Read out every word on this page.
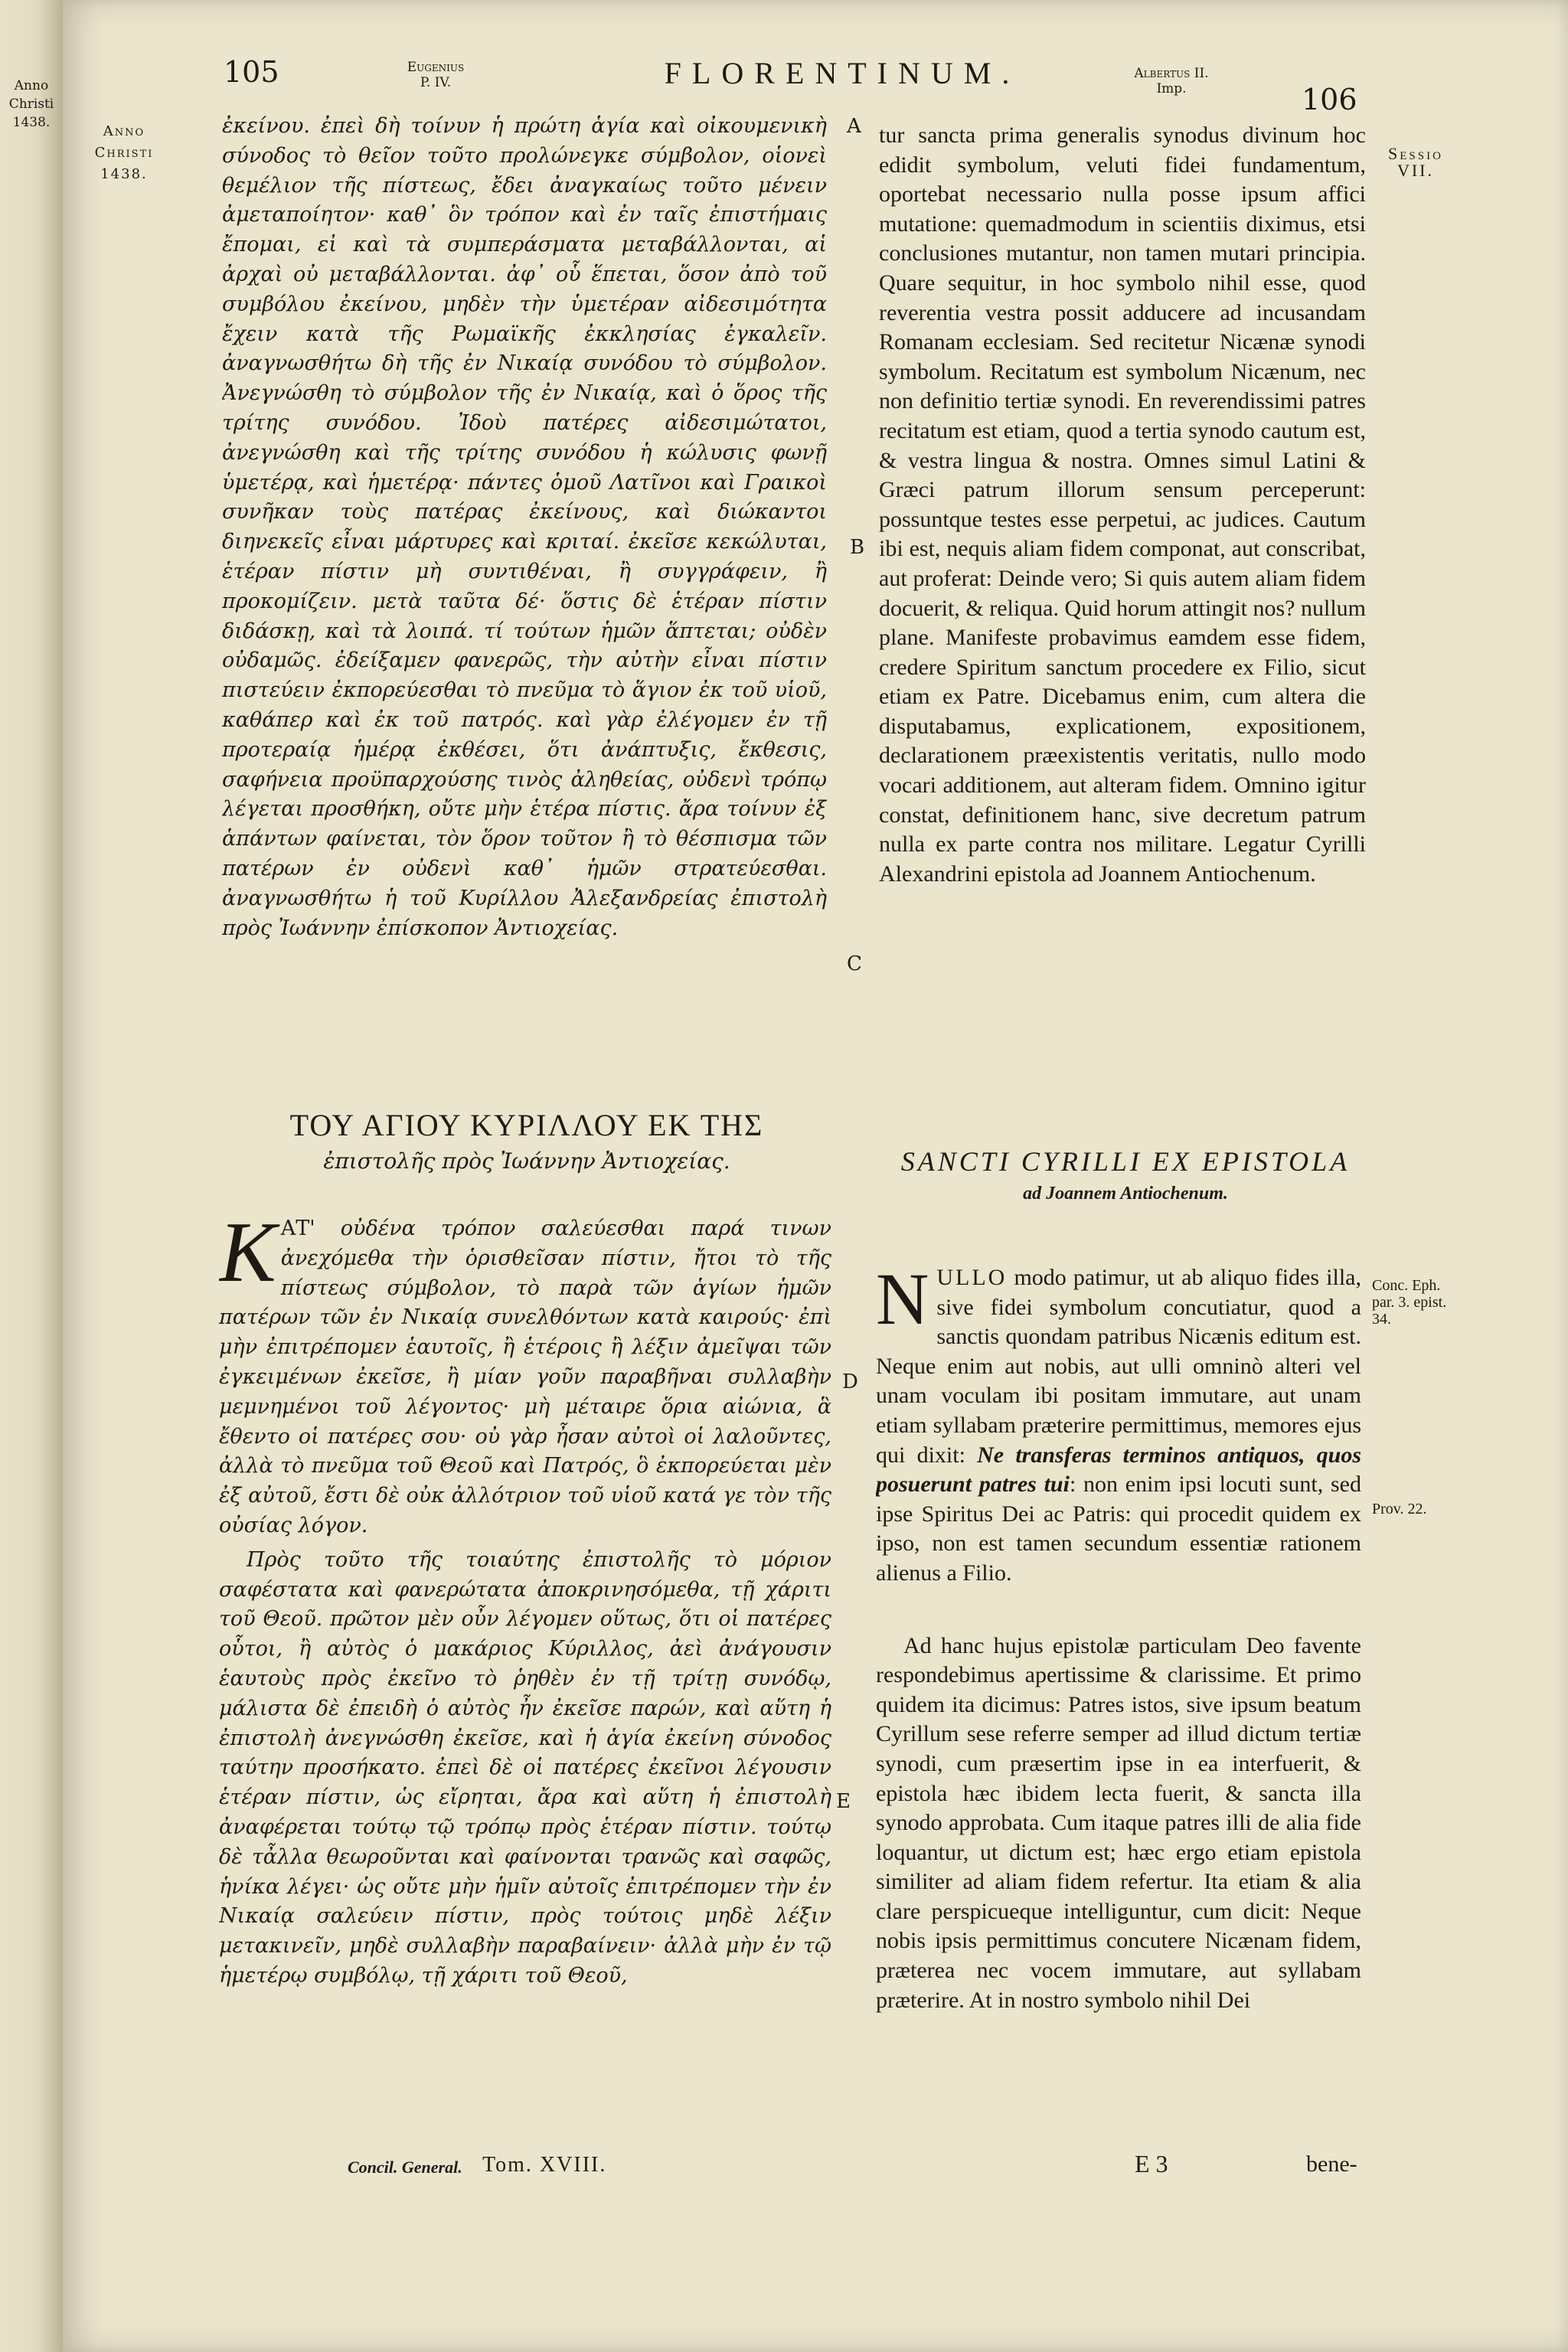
Anno
Christi
1438.
105	Eugenius
P. IV.	FLORENTINUM.	Albertus II.
Imp.	106
Anno
Christi
1438.
A
B
C
D
E
Sessio
VII.
Conc. Eph.
par. 3. epist.
34.
Prov. 22.

ἐκείνου. ἐπεὶ δὴ τοίνυν ἡ πρώτη ἁγία καὶ οἰκουμενικὴ σύνοδος τὸ θεῖον τοῦτο προλώνεγκε σύμβολον, οἱονεὶ θεμέλιον τῆς πίστεως, ἔδει ἀναγκαίως τοῦτο μένειν ἀμεταποίητον· καθ᾽ ὃν τρόπον καὶ ἐν ταῖς ἐπιστήμαις ἔπομαι, εἰ καὶ τὰ συμπεράσματα μεταβάλλονται, αἱ ἀρχαὶ οὐ μεταβάλλονται. ἀφ᾽ οὗ ἕπεται, ὅσον ἀπὸ τοῦ συμβόλου ἐκείνου, μηδὲν τὴν ὑμετέραν αἰδεσιμότητα ἔχειν κατὰ τῆς Ρωμαϊκῆς ἐκκλησίας ἐγκαλεῖν. ἀναγνωσθήτω δὴ τῆς ἐν Νικαίᾳ συνόδου τὸ σύμβολον. Ἀνεγνώσθη τὸ σύμβολον τῆς ἐν Νικαίᾳ, καὶ ὁ ὅρος τῆς τρίτης συνόδου. Ἰδοὺ πατέρες αἰδεσιμώτατοι, ἀνεγνώσθη καὶ τῆς τρίτης συνόδου ἡ κώλυσις φωνῇ ὑμετέρᾳ, καὶ ἡμετέρᾳ· πάντες ὁμοῦ Λατῖνοι καὶ Γραικοὶ συνῆκαν τοὺς πατέρας ἐκείνους, καὶ διώκαντοι διηνεκεῖς εἶναι μάρτυρες καὶ κριταί. ἐκεῖσε κεκώλυται, ἑτέραν πίστιν μὴ συντιθέναι, ἢ συγγράφειν, ἢ προκομίζειν. μετὰ ταῦτα δέ· ὅστις δὲ ἑτέραν πίστιν διδάσκῃ, καὶ τὰ λοιπά. τί τούτων ἡμῶν ἅπτεται; οὐδὲν οὐδαμῶς. ἐδείξαμεν φανερῶς, τὴν αὐτὴν εἶναι πίστιν πιστεύειν ἐκπορεύεσθαι τὸ πνεῦμα τὸ ἅγιον ἐκ τοῦ υἱοῦ, καθάπερ καὶ ἐκ τοῦ πατρός. καὶ γὰρ ἐλέγομεν ἐν τῇ προτεραίᾳ ἡμέρᾳ ἐκθέσει, ὅτι ἀνάπτυξις, ἔκθεσις, σαφήνεια προϋπαρχούσης τινὸς ἀληθείας, οὐδενὶ τρόπῳ λέγεται προσθήκη, οὔτε μὴν ἑτέρα πίστις. ἄρα τοίνυν ἐξ ἁπάντων φαίνεται, τὸν ὅρον τοῦτον ἢ τὸ θέσπισμα τῶν πατέρων ἐν οὐδενὶ καθ᾽ ἡμῶν στρατεύεσθαι. ἀναγνωσθήτω ἡ τοῦ Κυρίλλου Ἀλεξανδρείας ἐπιστολὴ πρὸς Ἰωάννην ἐπίσκοπον Ἀντιοχείας.

tur sancta prima generalis synodus divinum hoc edidit symbolum, veluti fidei fundamentum, oportebat necessario nulla posse ipsum affici mutatione: quemadmodum in scientiis diximus, etsi conclusiones mutantur, non tamen mutari principia. Quare sequitur, in hoc symbolo nihil esse, quod reverentia vestra possit adducere ad incusandam Romanam ecclesiam. Sed recitetur Nicænæ synodi symbolum. Recitatum est symbolum Nicænum, nec non definitio tertiæ synodi. En reverendissimi patres recitatum est etiam, quod a tertia synodo cautum est, & vestra lingua & nostra. Omnes simul Latini & Græci patrum illorum sensum perceperunt: possuntque testes esse perpetui, ac judices. Cautum ibi est, nequis aliam fidem componat, aut conscribat, aut proferat: Deinde vero; Si quis autem aliam fidem docuerit, & reliqua. Quid horum attingit nos? nullum plane. Manifeste probavimus eamdem esse fidem, credere Spiritum sanctum procedere ex Filio, sicut etiam ex Patre. Dicebamus enim, cum altera die disputabamus, explicationem, expositionem, declarationem præexistentis veritatis, nullo modo vocari additionem, aut alteram fidem. Omnino igitur constat, definitionem hanc, sive decretum patrum nulla ex parte contra nos militare. Legatur Cyrilli Alexandrini epistola ad Joannem Antiochenum.

ΤΟΥ ΑΓΙΟΥ ΚΥΡΙΛΛΟΥ ΕΚ ΤΗΣ
ἐπιστολῆς πρὸς Ἰωάννην Ἀντιοχείας.	SANCTI CYRILLI EX EPISTOLA
ad Joannem Antiochenum.

ΚΑΤ' οὐδένα τρόπον σαλεύεσθαι παρά τινων ἀνεχόμεθα τὴν ὁρισθεῖσαν πίστιν, ἤτοι τὸ τῆς πίστεως σύμβολον, τὸ παρὰ τῶν ἁγίων ἡμῶν πατέρων τῶν ἐν Νικαίᾳ συνελθόντων κατὰ καιρούς· ἐπὶ μὴν ἐπιτρέπομεν ἑαυτοῖς, ἢ ἑτέροις ἢ λέξιν ἀμεῖψαι τῶν ἐγκειμένων ἐκεῖσε, ἢ μίαν γοῦν παραβῆναι συλλαβὴν μεμνημένοι τοῦ λέγοντος· μὴ μέταιρε ὅρια αἰώνια, ἃ ἔθεντο οἱ πατέρες σου· οὐ γὰρ ἦσαν αὐτοὶ οἱ λαλοῦντες, ἀλλὰ τὸ πνεῦμα τοῦ Θεοῦ καὶ Πατρός, ὃ ἐκπορεύεται μὲν ἐξ αὐτοῦ, ἔστι δὲ οὐκ ἀλλότριον τοῦ υἱοῦ κατά γε τὸν τῆς οὐσίας λόγον.

Πρὸς τοῦτο τῆς τοιαύτης ἐπιστολῆς τὸ μόριον σαφέστατα καὶ φανερώτατα ἀποκρινησόμεθα, τῇ χάριτι τοῦ Θεοῦ. πρῶτον μὲν οὖν λέγομεν οὕτως, ὅτι οἱ πατέρες οὗτοι, ἢ αὐτὸς ὁ μακάριος Κύριλλος, ἀεὶ ἀνάγουσιν ἑαυτοὺς πρὸς ἐκεῖνο τὸ ῥηθὲν ἐν τῇ τρίτῃ συνόδῳ, μάλιστα δὲ ἐπειδὴ ὁ αὐτὸς ἦν ἐκεῖσε παρών, καὶ αὕτη ἡ ἐπιστολὴ ἀνεγνώσθη ἐκεῖσε, καὶ ἡ ἁγία ἐκείνη σύνοδος ταύτην προσήκατο. ἐπεὶ δὲ οἱ πατέρες ἐκεῖνοι λέγουσιν ἑτέραν πίστιν, ὡς εἴρηται, ἄρα καὶ αὕτη ἡ ἐπιστολὴ ἀναφέρεται τούτῳ τῷ τρόπῳ πρὸς ἑτέραν πίστιν. τούτῳ δὲ τἆλλα θεωροῦνται καὶ φαίνονται τρανῶς καὶ σαφῶς, ἡνίκα λέγει· ὡς οὔτε μὴν ἡμῖν αὐτοῖς ἐπιτρέπομεν τὴν ἐν Νικαίᾳ σαλεύειν πίστιν, πρὸς τούτοις μηδὲ λέξιν μετακινεῖν, μηδὲ συλλαβὴν παραβαίνειν· ἀλλὰ μὴν ἐν τῷ ἡμετέρῳ συμβόλῳ, τῇ χάριτι τοῦ Θεοῦ,

NULLO modo patimur, ut ab aliquo fides illa, sive fidei symbolum concutiatur, quod a sanctis quondam patribus Nicænis editum est. Neque enim aut nobis, aut ulli omninò alteri vel unam voculam ibi positam immutare, aut unam etiam syllabam præterire permittimus, memores ejus qui dixit: Ne transferas terminos antiquos, quos posuerunt patres tui: non enim ipsi locuti sunt, sed ipse Spiritus Dei ac Patris: qui procedit quidem ex ipso, non est tamen secundum essentiæ rationem alienus a Filio.

Ad hanc hujus epistolæ particulam Deo favente respondebimus apertissime & clarissime. Et primo quidem ita dicimus: Patres istos, sive ipsum beatum Cyrillum sese referre semper ad illud dictum tertiæ synodi, cum præsertim ipse in ea interfuerit, & epistola hæc ibidem lecta fuerit, & sancta illa synodo approbata. Cum itaque patres illi de alia fide loquantur, ut dictum est; hæc ergo etiam epistola similiter ad aliam fidem refertur. Ita etiam & alia clare perspicueque intelliguntur, cum dicit: Neque nobis ipsis permittimus concutere Nicænam fidem, præterea nec vocem immutare, aut syllabam præterire. At in nostro symbolo nihil Dei

Concil. General. Tom. XVIII.	E 3	bene-
